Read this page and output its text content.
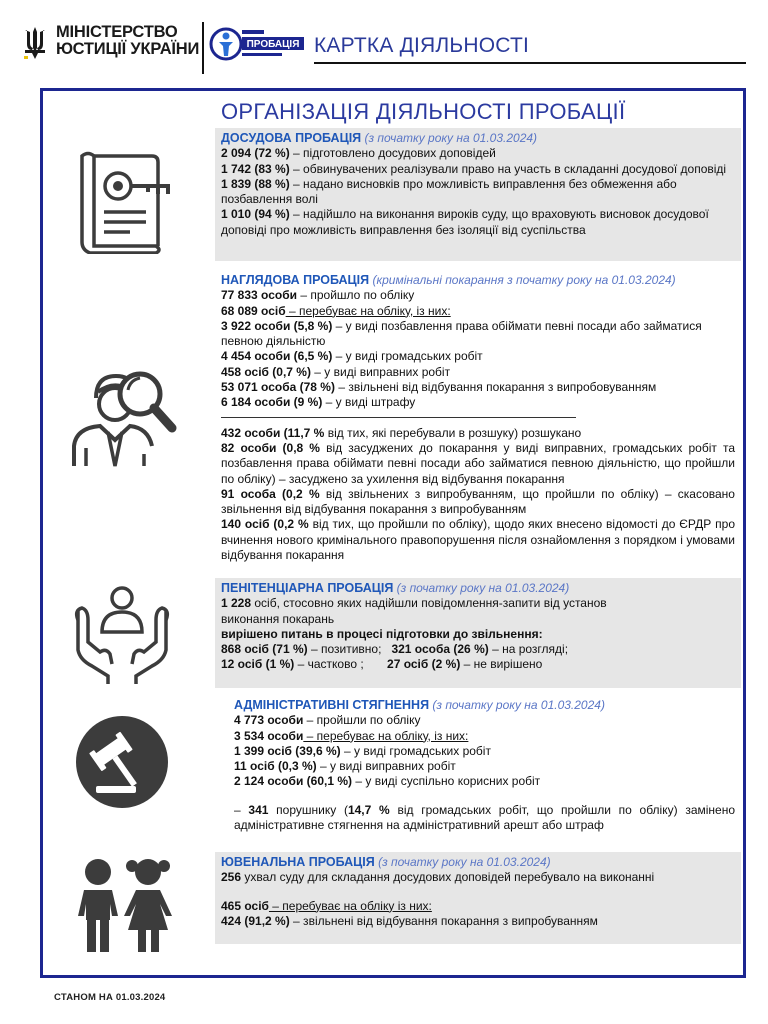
МІНІСТЕРСТВО
ЮСТИЦІЇ УКРАЇНИ	ПРОБАЦІЯ КАРТКА ДІЯЛЬНОСТІ
ОРГАНІЗАЦІЯ ДІЯЛЬНОСТІ ПРОБАЦІЇ

ДОСУДОВА ПРОБАЦІЯ (з початку року на 01.03.2024)

2 094 (72 %) – підготовлено досудових доповідей

1 742 (83 %) – обвинувачених реалізували право на участь в складанні досудової доповіді

1 839 (88 %) – надано висновків про можливість виправлення без обмеження або позбавлення волі

1 010 (94 %) – надійшло на виконання вироків суду, що враховують висновок досудової доповіді про можливість виправлення без ізоляції від суспільства

НАГЛЯДОВА ПРОБАЦІЯ (кримінальні покарання з початку року на 01.03.2024)

77 833 особи – пройшло по обліку

68 089 осіб – перебуває на обліку, із них:

3 922 особи (5,8 %) – у виді позбавлення права обіймати певні посади або займатися певною діяльністю

4 454 особи (6,5 %) – у виді громадських робіт

458 осіб (0,7 %) – у виді виправних робіт

53 071 особа (78 %) – звільнені від відбування покарання з випробовуванням

6 184 особи (9 %) – у виді штрафу

432 особи (11,7 % від тих, які перебували в розшуку) розшукано

82 особи (0,8 % від засуджених до покарання у виді виправних, громадських робіт та позбавлення права обіймати певні посади або займатися певною діяльністю, що пройшли по обліку) – засуджено за ухилення від відбування покарання

91 особа (0,2 % від звільнених з випробуванням, що пройшли по обліку) – скасовано звільнення від відбування покарання з випробуванням

140 осіб (0,2 % від тих, що пройшли по обліку), щодо яких внесено відомості до ЄРДР про вчинення нового кримінального правопорушення після ознайомлення з порядком і умовами відбування покарання

ПЕНІТЕНЦІАРНА ПРОБАЦІЯ (з початку року на 01.03.2024)

1 228 осіб, стосовно яких надійшли повідомлення-запити від установ виконання покарань

вирішено питань в процесі підготовки до звільнення:

868 осіб (71 %) – позитивно; 321 особа (26 %) – на розгляді;

12 осіб (1 %) – частково ; 27 осіб (2 %) – не вирішено

АДМІНІСТРАТИВНІ СТЯГНЕННЯ (з початку року на 01.03.2024)

4 773 особи – пройшли по обліку

3 534 особи – перебуває на обліку, із них:

1 399 осіб (39,6 %) – у виді громадських робіт

11 осіб (0,3 %) – у виді виправних робіт

2 124 особи (60,1 %) – у виді суспільно корисних робіт

– 341 порушнику (14,7 % від громадських робіт, що пройшли по обліку) замінено адміністративне стягнення на адміністративний арешт або штраф

ЮВЕНАЛЬНА ПРОБАЦІЯ (з початку року на 01.03.2024)

256 ухвал суду для складання досудових доповідей перебувало на виконанні

465 осіб – перебуває на обліку із них:

424 (91,2 %) – звільнені від відбування покарання з випробуванням

СТАНОМ НА 01.03.2024
